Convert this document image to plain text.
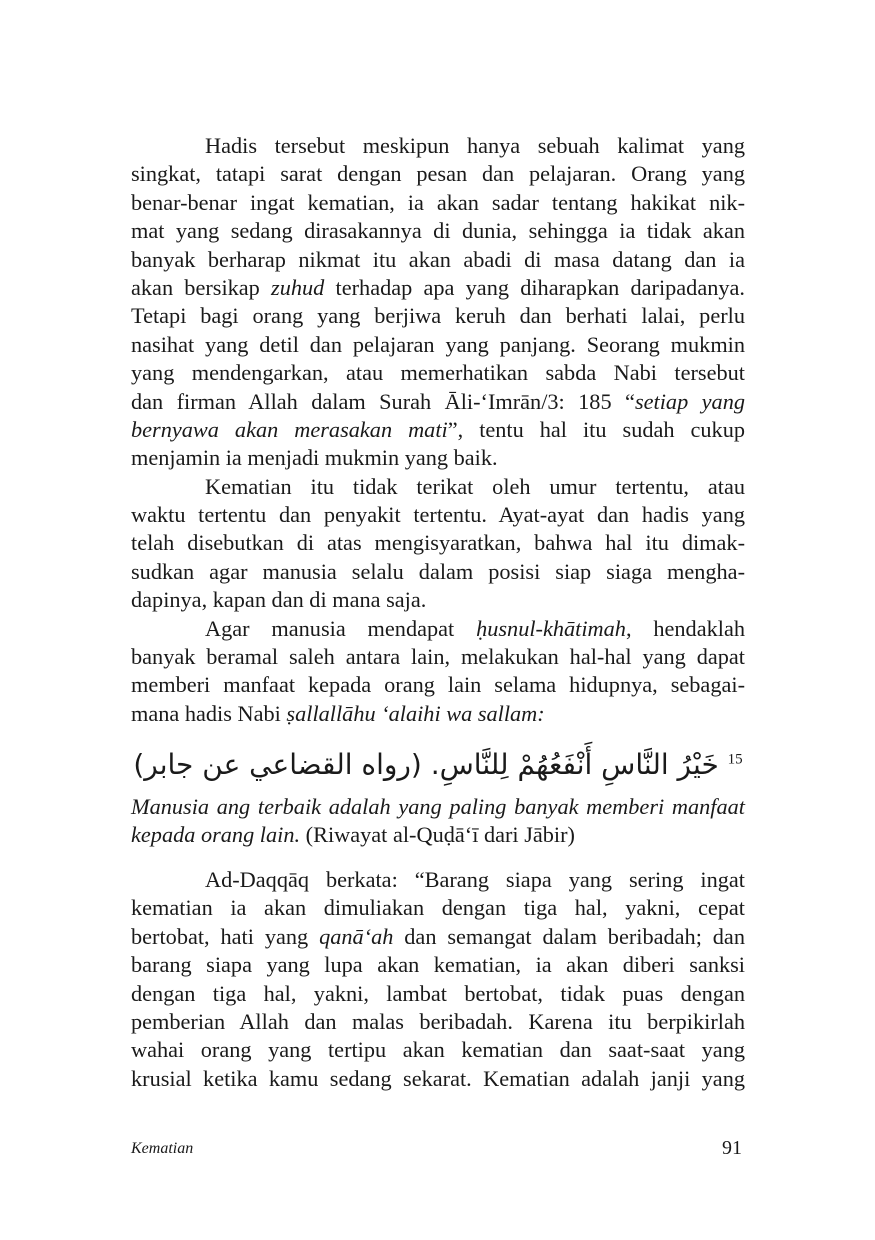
Hadis tersebut meskipun hanya sebuah kalimat yang
singkat, tatapi sarat dengan pesan dan pelajaran. Orang yang
benar-benar ingat kematian, ia akan sadar tentang hakikat nik-
mat yang sedang dirasakannya di dunia, sehingga ia tidak akan
banyak berharap nikmat itu akan abadi di masa datang dan ia
akan bersikap zuhud terhadap apa yang diharapkan daripadanya.
Tetapi bagi orang yang berjiwa keruh dan berhati lalai, perlu
nasihat yang detil dan pelajaran yang panjang. Seorang mukmin
yang mendengarkan, atau memerhatikan sabda Nabi tersebut
dan firman Allah dalam Surah Āli-‘Imrān/3: 185 “setiap yang
bernyawa akan merasakan mati”, tentu hal itu sudah cukup
menjamin ia menjadi mukmin yang baik.
Kematian itu tidak terikat oleh umur tertentu, atau
waktu tertentu dan penyakit tertentu. Ayat-ayat dan hadis yang
telah disebutkan di atas mengisyaratkan, bahwa hal itu dimak-
sudkan agar manusia selalu dalam posisi siap siaga mengha-
dapinya, kapan dan di mana saja.
Agar manusia mendapat ḥusnul-khātimah, hendaklah
banyak beramal saleh antara lain, melakukan hal-hal yang dapat
memberi manfaat kepada orang lain selama hidupnya, sebagai-
mana hadis Nabi ṣallallāhu ‘alaihi wa sallam:
$^{15}$ خَيْرُ النَّاسِ أَنْفَعُهُمْ لِلنَّاسِ. (رواه القضاعي عن جابر)
Manusia ang terbaik adalah yang paling banyak memberi manfaat
kepada orang lain. (Riwayat al-Quḍā‘ī dari Jābir)
Ad-Daqqāq berkata: “Barang siapa yang sering ingat
kematian ia akan dimuliakan dengan tiga hal, yakni, cepat
bertobat, hati yang qanā‘ah dan semangat dalam beribadah; dan
barang siapa yang lupa akan kematian, ia akan diberi sanksi
dengan tiga hal, yakni, lambat bertobat, tidak puas dengan
pemberian Allah dan malas beribadah. Karena itu berpikirlah
wahai orang yang tertipu akan kematian dan saat-saat yang
krusial ketika kamu sedang sekarat. Kematian adalah janji yang
Kematian	91
